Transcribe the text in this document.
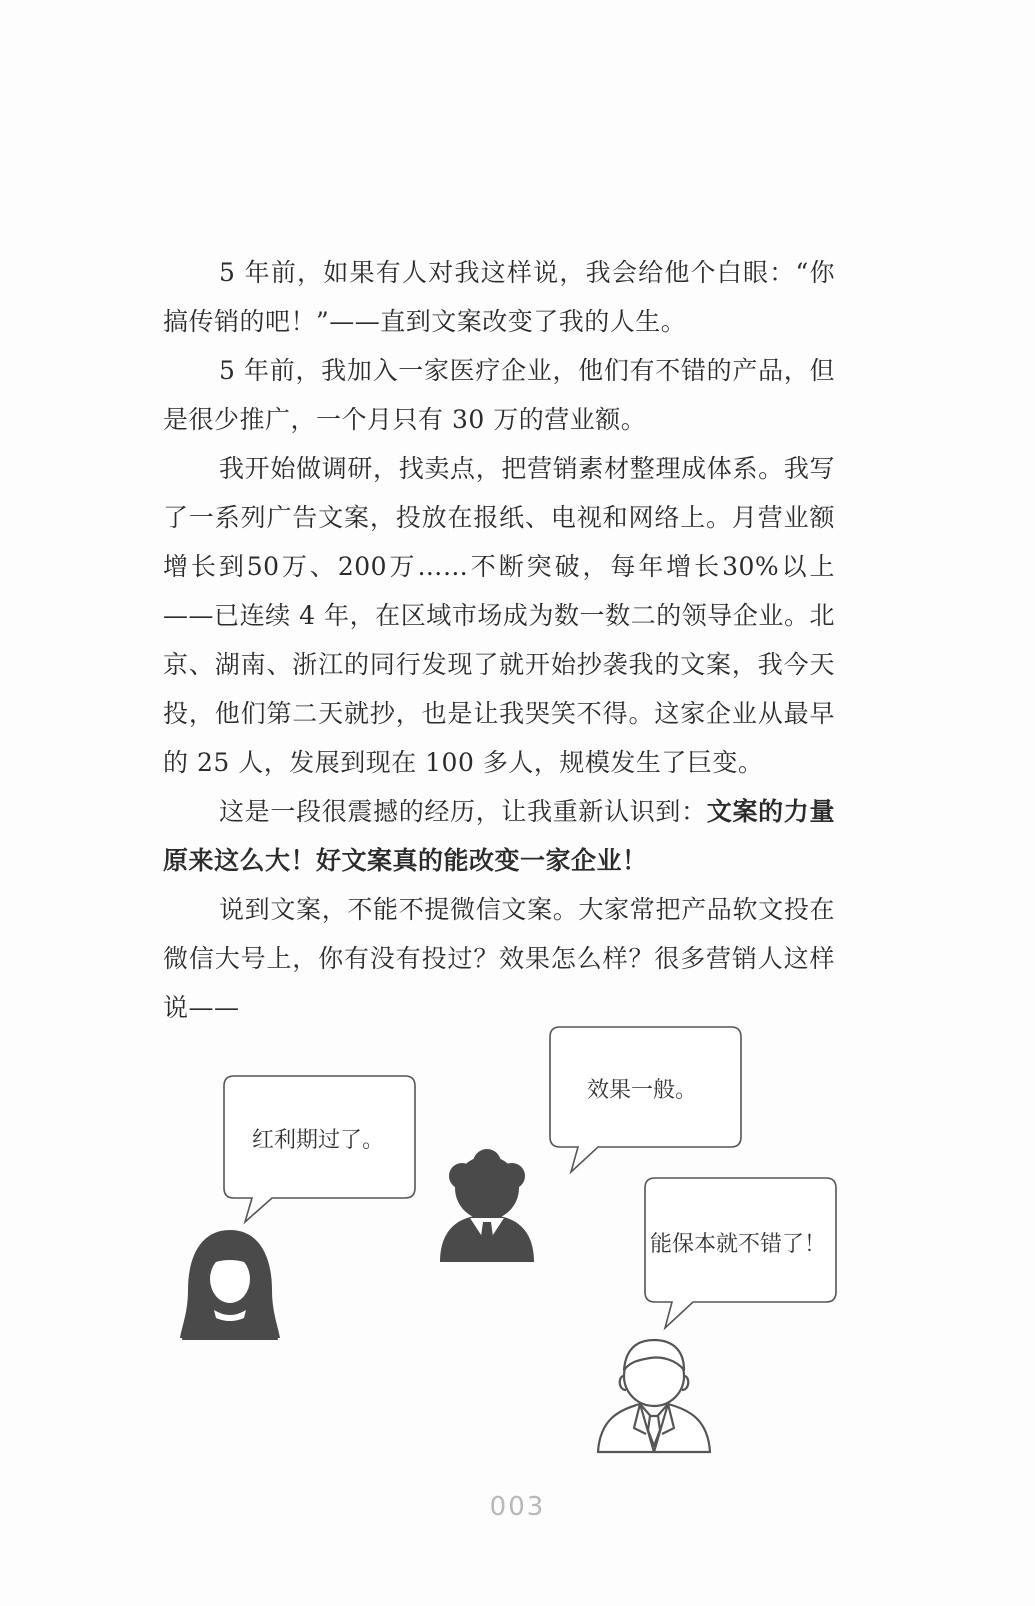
5 年前，如果有人对我这样说，我会给他个白眼：“你搞传销的吧！”——直到文案改变了我的人生。

5 年前，我加入一家医疗企业，他们有不错的产品，但是很少推广，一个月只有 30 万的营业额。

我开始做调研，找卖点，把营销素材整理成体系。我写了一系列广告文案，投放在报纸、电视和网络上。月营业额增长到50万、200万……不断突破，每年增长30%以上——已连续 4 年，在区域市场成为数一数二的领导企业。北京、湖南、浙江的同行发现了就开始抄袭我的文案，我今天投，他们第二天就抄，也是让我哭笑不得。这家企业从最早的 25 人，发展到现在 100 多人，规模发生了巨变。

这是一段很震撼的经历，让我重新认识到：文案的力量原来这么大！好文案真的能改变一家企业！

说到文案，不能不提微信文案。大家常把产品软文投在微信大号上，你有没有投过？效果怎么样？很多营销人这样说——

红利期过了。
效果一般。
能保本就不错了！
003
